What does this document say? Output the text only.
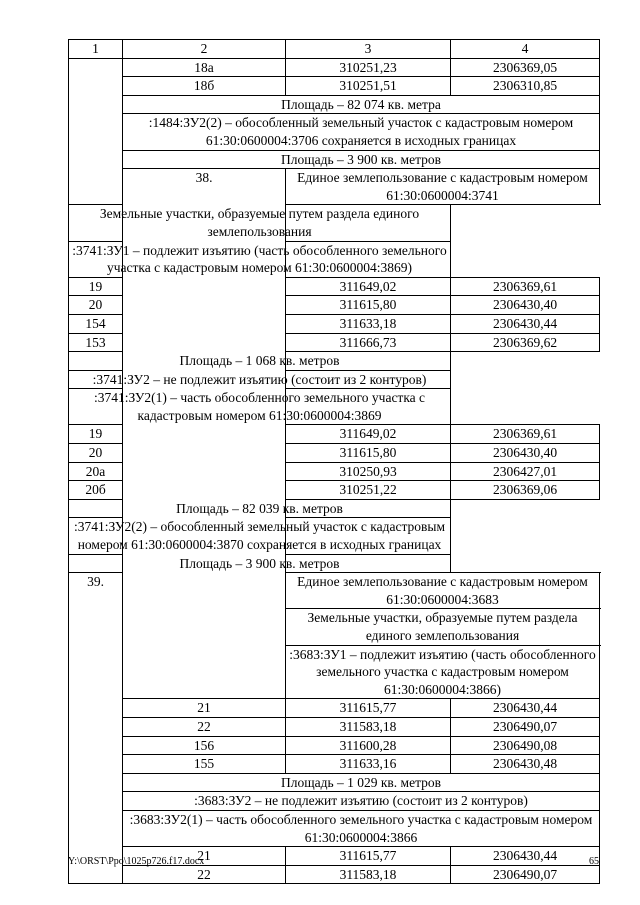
1	2	3	4
	18а	310251,23	2306369,05
	18б	310251,51	2306310,85
	Площадь – 82 074 кв. метра		
	:1484:ЗУ2(2) – обособленный земельный участок с кадастровым номером 61:30:0600004:3706 сохраняется в исходных границах		
	Площадь – 3 900 кв. метров		
	38.	Единое землепользование с кадастровым номером 61:30:0600004:3741	
Земельные участки, образуемые путем раздела единого землепользования			
:3741:ЗУ1 – подлежит изъятию (часть обособленного земельного участка с кадастровым номером 61:30:0600004:3869)			
19		311649,02	2306369,61
20		311615,80	2306430,40
154		311633,18	2306430,44
153		311666,73	2306369,62
Площадь – 1 068 кв. метров			
:3741:ЗУ2 – не подлежит изъятию (состоит из 2 контуров)			
:3741:ЗУ2(1) – часть обособленного земельного участка с кадастровым номером 61:30:0600004:3869			
19		311649,02	2306369,61
20		311615,80	2306430,40
20а		310250,93	2306427,01
20б		310251,22	2306369,06
Площадь – 82 039 кв. метров			
:3741:ЗУ2(2) – обособленный земельный участок с кадастровым номером 61:30:0600004:3870 сохраняется в исходных границах			
Площадь – 3 900 кв. метров			
39.		Единое землепользование с кадастровым номером 61:30:0600004:3683	
		Земельные участки, образуемые путем раздела единого землепользования	
		:3683:ЗУ1 – подлежит изъятию (часть обособленного земельного участка с кадастровым номером 61:30:0600004:3866)	
	21	311615,77	2306430,44
	22	311583,18	2306490,07
	156	311600,28	2306490,08
	155	311633,16	2306430,48
	Площадь – 1 029 кв. метров		
	:3683:ЗУ2 – не подлежит изъятию (состоит из 2 контуров)		
	:3683:ЗУ2(1) – часть обособленного земельного участка с кадастровым номером 61:30:0600004:3866		
	21	311615,77	2306430,44
	22	311583,18	2306490,07
Y:\ORST\Ppo\1025p726.f17.docx	65
